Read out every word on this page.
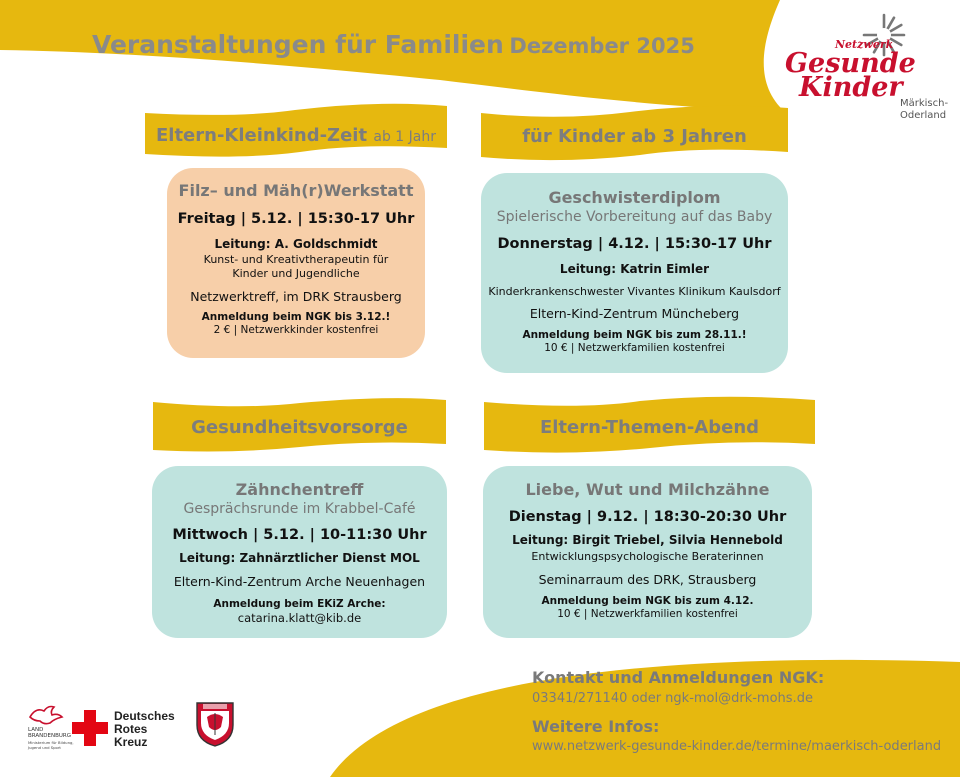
Veranstaltungen für Familien Dezember 2025	Netzwerk
Gesunde
Kinder
Märkisch-
Oderland
Eltern-Kleinkind-Zeit ab 1 Jahr	für Kinder ab 3 Jahren
Gesundheitsvorsorge	Eltern-Themen-Abend
Filz– und Mäh(r)Werkstatt
Freitag | 5.12. | 15:30-17 Uhr
Leitung: A. Goldschmidt
Kunst- und Kreativtherapeutin für
Kinder und Jugendliche
Netzwerktreff, im DRK Strausberg
Anmeldung beim NGK bis 3.12.!
2 € | Netzwerkkinder kostenfrei
Geschwisterdiplom
Spielerische Vorbereitung auf das Baby
Donnerstag | 4.12. | 15:30-17 Uhr
Leitung: Katrin Eimler
Kinderkrankenschwester Vivantes Klinikum Kaulsdorf
Eltern-Kind-Zentrum Müncheberg
Anmeldung beim NGK bis zum 28.11.!
10 € | Netzwerkfamilien kostenfrei
Zähnchentreff
Gesprächsrunde im Krabbel-Café
Mittwoch | 5.12. | 10-11:30 Uhr
Leitung: Zahnärztlicher Dienst MOL
Eltern-Kind-Zentrum Arche Neuenhagen
Anmeldung beim EKiZ Arche:
catarina.klatt@kib.de
Liebe, Wut und Milchzähne
Dienstag | 9.12. | 18:30-20:30 Uhr
Leitung: Birgit Triebel, Silvia Hennebold
Entwicklungspsychologische Beraterinnen
Seminarraum des DRK, Strausberg
Anmeldung beim NGK bis zum 4.12.
10 € | Netzwerkfamilien kostenfrei
Kontakt und Anmeldungen NGK:
03341/271140 oder ngk-mol@drk-mohs.de
Weitere Infos:
www.netzwerk-gesunde-kinder.de/termine/maerkisch-oderland
LAND
BRANDENBURG
Ministerium für Bildung,
Jugend und Sport
Deutsches
Rotes
Kreuz
